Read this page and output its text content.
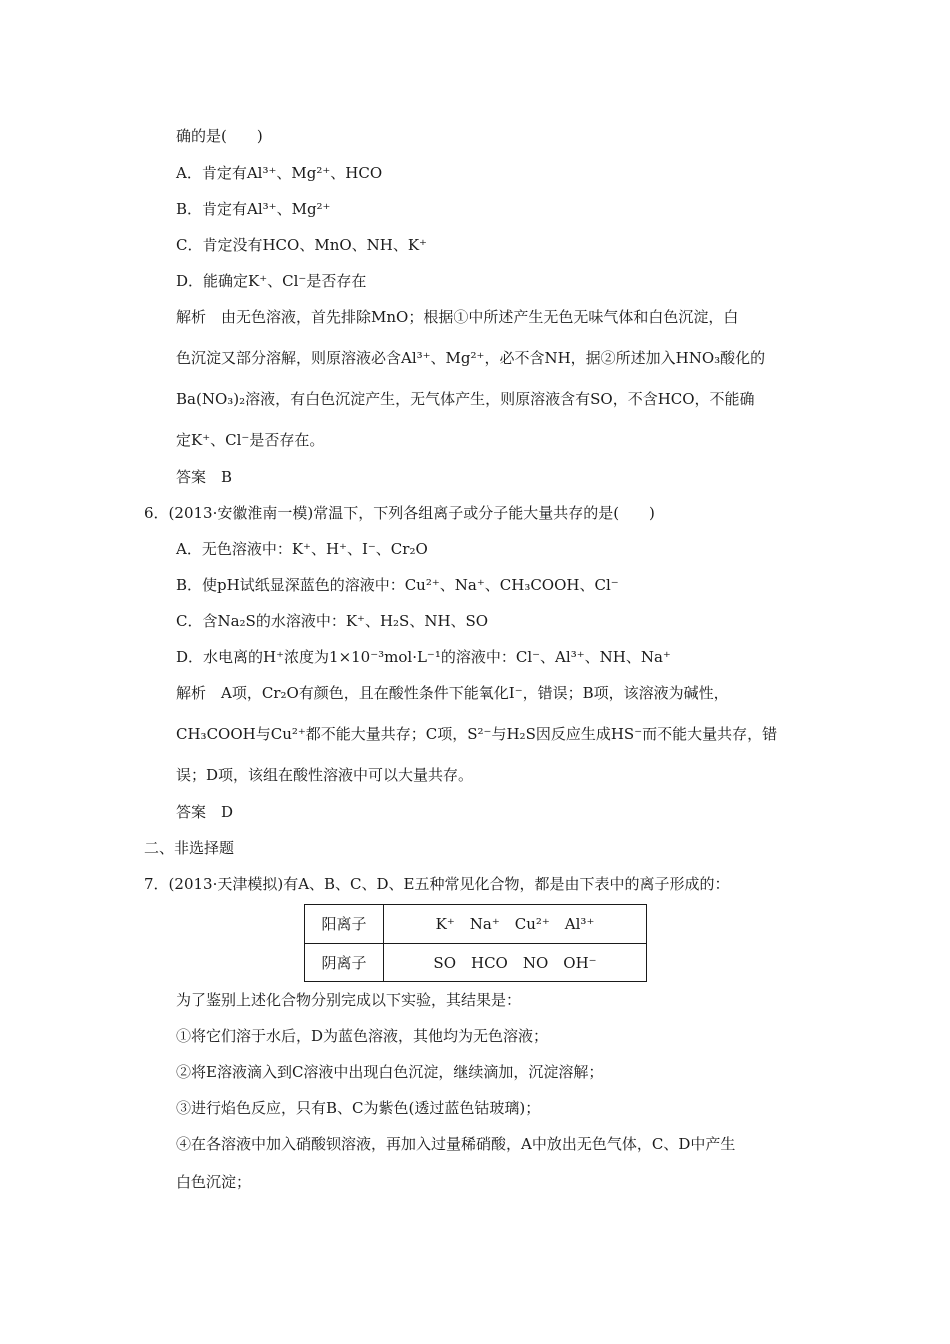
确的是(　　)
A．肯定有Al³⁺、Mg²⁺、HCO
B．肯定有Al³⁺、Mg²⁺
C．肯定没有HCO、MnO、NH、K⁺
D．能确定K⁺、Cl⁻是否存在
解析　由无色溶液，首先排除MnO；根据①中所述产生无色无味气体和白色沉淀，白
色沉淀又部分溶解，则原溶液必含Al³⁺、Mg²⁺，必不含NH，据②所述加入HNO₃酸化的
Ba(NO₃)₂溶液，有白色沉淀产生，无气体产生，则原溶液含有SO，不含HCO，不能确
定K⁺、Cl⁻是否存在。
答案　B
6．(2013·安徽淮南一模)常温下，下列各组离子或分子能大量共存的是(　　)
A．无色溶液中：K⁺、H⁺、I⁻、Cr₂O
B．使pH试纸显深蓝色的溶液中：Cu²⁺、Na⁺、CH₃COOH、Cl⁻
C．含Na₂S的水溶液中：K⁺、H₂S、NH、SO
D．水电离的H⁺浓度为1×10⁻³mol·L⁻¹的溶液中：Cl⁻、Al³⁺、NH、Na⁺
解析　A项，Cr₂O有颜色，且在酸性条件下能氧化I⁻，错误；B项，该溶液为碱性，
CH₃COOH与Cu²⁺都不能大量共存；C项，S²⁻与H₂S因反应生成HS⁻而不能大量共存，错
误；D项，该组在酸性溶液中可以大量共存。
答案　D
二、非选择题
7．(2013·天津模拟)有A、B、C、D、E五种常见化合物，都是由下表中的离子形成的：
阳离子	K⁺　Na⁺　Cu²⁺　Al³⁺
阴离子	SO　HCO　NO　OH⁻
为了鉴别上述化合物分别完成以下实验，其结果是：
①将它们溶于水后，D为蓝色溶液，其他均为无色溶液；
②将E溶液滴入到C溶液中出现白色沉淀，继续滴加，沉淀溶解；
③进行焰色反应，只有B、C为紫色(透过蓝色钴玻璃)；
④在各溶液中加入硝酸钡溶液，再加入过量稀硝酸，A中放出无色气体，C、D中产生
白色沉淀；
